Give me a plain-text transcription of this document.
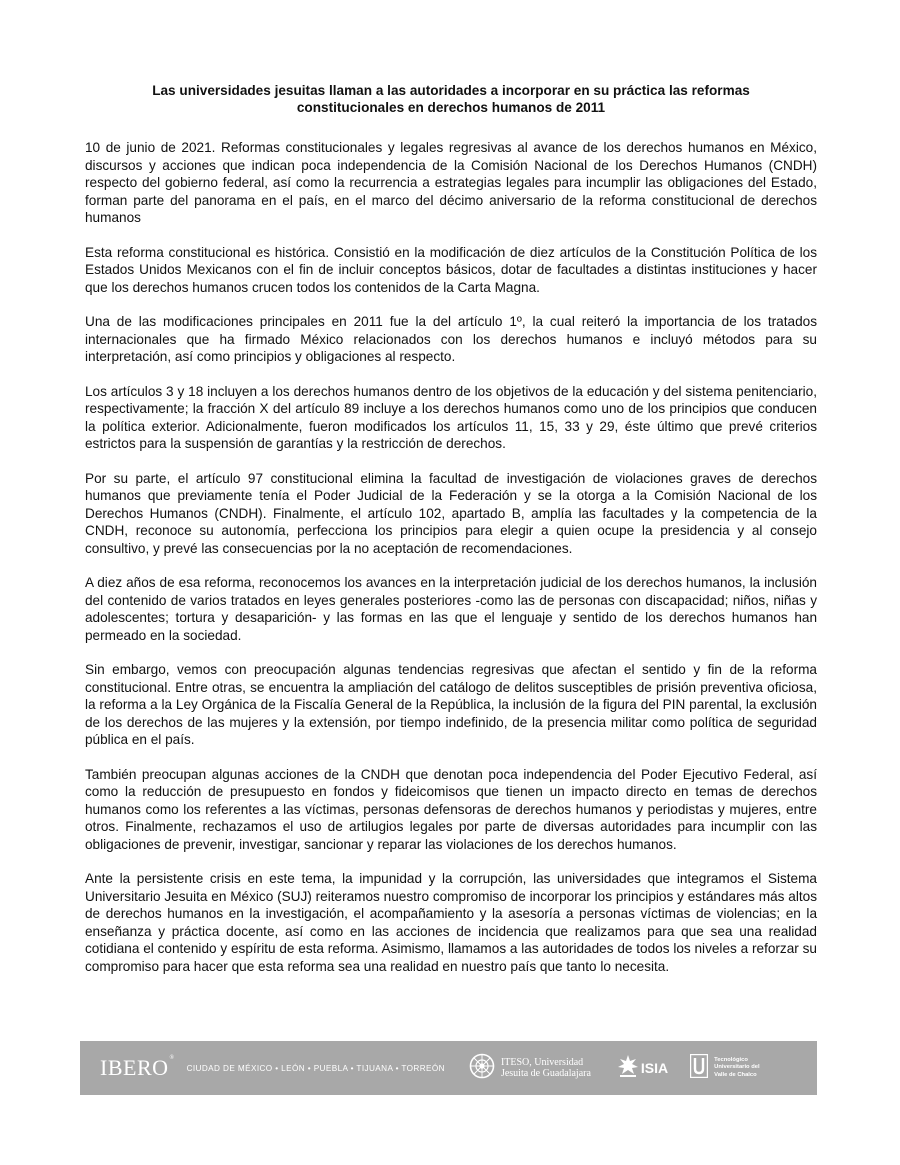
Las universidades jesuitas llaman a las autoridades a incorporar en su práctica las reformas
constitucionales en derechos humanos de 2011

10 de junio de 2021. Reformas constitucionales y legales regresivas al avance de los derechos humanos en México, discursos y acciones que indican poca independencia de la Comisión Nacional de los Derechos Humanos (CNDH) respecto del gobierno federal, así como la recurrencia a estrategias legales para incumplir las obligaciones del Estado, forman parte del panorama en el país, en el marco del décimo aniversario de la reforma constitucional de derechos humanos

Esta reforma constitucional es histórica. Consistió en la modificación de diez artículos de la Constitución Política de los Estados Unidos Mexicanos con el fin de incluir conceptos básicos, dotar de facultades a distintas instituciones y hacer que los derechos humanos crucen todos los contenidos de la Carta Magna.

Una de las modificaciones principales en 2011 fue la del artículo 1º, la cual reiteró la importancia de los tratados internacionales que ha firmado México relacionados con los derechos humanos e incluyó métodos para su interpretación, así como principios y obligaciones al respecto.

Los artículos 3 y 18 incluyen a los derechos humanos dentro de los objetivos de la educación y del sistema penitenciario, respectivamente; la fracción X del artículo 89 incluye a los derechos humanos como uno de los principios que conducen la política exterior. Adicionalmente, fueron modificados los artículos 11, 15, 33 y 29, éste último que prevé criterios estrictos para la suspensión de garantías y la restricción de derechos.

Por su parte, el artículo 97 constitucional elimina la facultad de investigación de violaciones graves de derechos humanos que previamente tenía el Poder Judicial de la Federación y se la otorga a la Comisión Nacional de los Derechos Humanos (CNDH). Finalmente, el artículo 102, apartado B, amplía las facultades y la competencia de la CNDH, reconoce su autonomía, perfecciona los principios para elegir a quien ocupe la presidencia y al consejo consultivo, y prevé las consecuencias por la no aceptación de recomendaciones.

A diez años de esa reforma, reconocemos los avances en la interpretación judicial de los derechos humanos, la inclusión del contenido de varios tratados en leyes generales posteriores -como las de personas con discapacidad; niños, niñas y adolescentes; tortura y desaparición- y las formas en las que el lenguaje y sentido de los derechos humanos han permeado en la sociedad.

Sin embargo, vemos con preocupación algunas tendencias regresivas que afectan el sentido y fin de la reforma constitucional. Entre otras, se encuentra la ampliación del catálogo de delitos susceptibles de prisión preventiva oficiosa, la reforma a la Ley Orgánica de la Fiscalía General de la República, la inclusión de la figura del PIN parental, la exclusión de los derechos de las mujeres y la extensión, por tiempo indefinido, de la presencia militar como política de seguridad pública en el país.

También preocupan algunas acciones de la CNDH que denotan poca independencia del Poder Ejecutivo Federal, así como la reducción de presupuesto en fondos y fideicomisos que tienen un impacto directo en temas de derechos humanos como los referentes a las víctimas, personas defensoras de derechos humanos y periodistas y mujeres, entre otros. Finalmente, rechazamos el uso de artilugios legales por parte de diversas autoridades para incumplir con las obligaciones de prevenir, investigar, sancionar y reparar las violaciones de los derechos humanos.

Ante la persistente crisis en este tema, la impunidad y la corrupción, las universidades que integramos el Sistema Universitario Jesuita en México (SUJ) reiteramos nuestro compromiso de incorporar los principios y estándares más altos de derechos humanos en la investigación, el acompañamiento y la asesoría a personas víctimas de violencias; en la enseñanza y práctica docente, así como en las acciones de incidencia que realizamos para que sea una realidad cotidiana el contenido y espíritu de esta reforma. Asimismo, llamamos a las autoridades de todos los niveles a reforzar su compromiso para hacer que esta reforma sea una realidad en nuestro país que tanto lo necesita.

IBERO®
CIUDAD DE MÉXICO • LEÓN • PUEBLA • TIJUANA • TORREÓN	ITESO, Universidad
Jesuita de Guadalajara	ISIA
Tecnológico
Universitario del
Valle de Chalco
